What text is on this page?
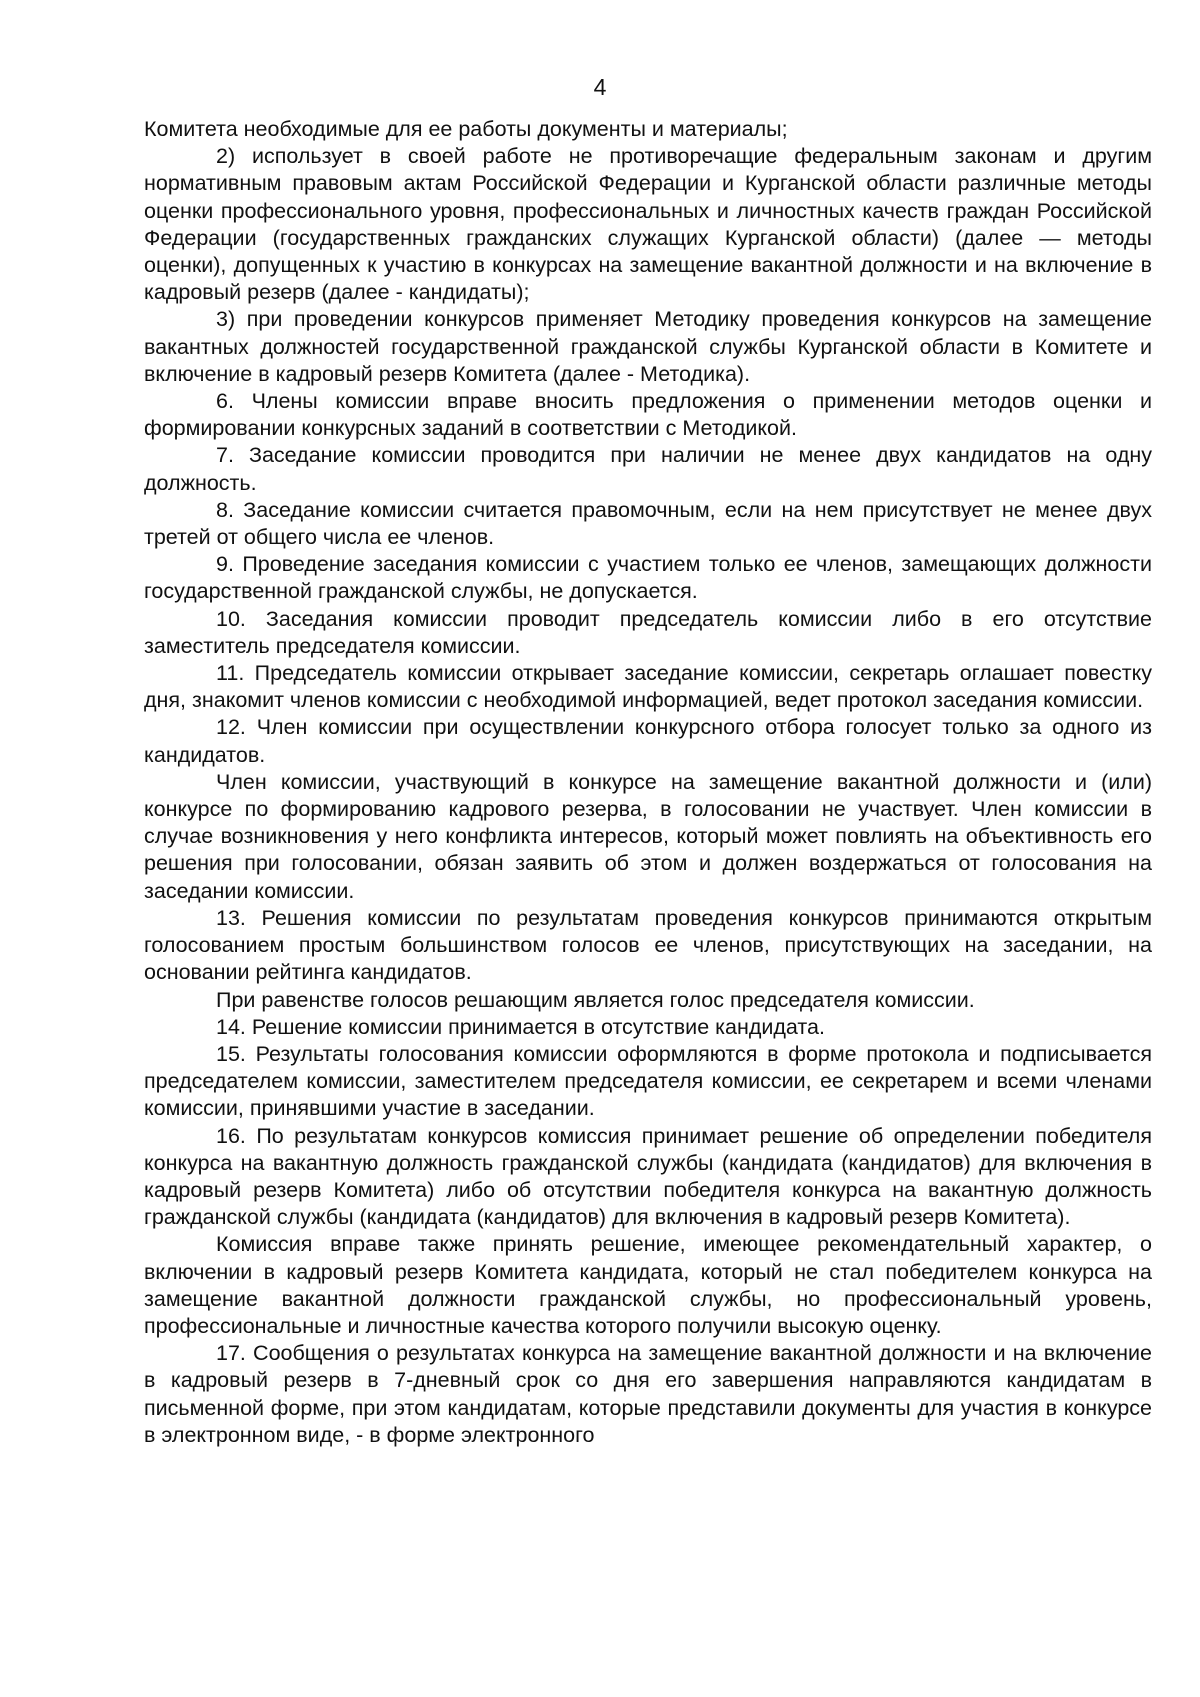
4

Комитета необходимые для ее работы документы и материалы;

2) использует в своей работе не противоречащие федеральным законам и другим нормативным правовым актам Российской Федерации и Курганской области различные методы оценки профессионального уровня, профессиональных и личностных качеств граждан Российской Федерации (государственных гражданских служащих Курганской области) (далее — методы оценки), допущенных к участию в конкурсах на замещение вакантной должности и на включение в кадровый резерв (далее - кандидаты);

3) при проведении конкурсов применяет Методику проведения конкурсов на замещение вакантных должностей государственной гражданской службы Курганской области в Комитете и включение в кадровый резерв Комитета (далее - Методика).

6. Члены комиссии вправе вносить предложения о применении методов оценки и формировании конкурсных заданий в соответствии с Методикой.

7. Заседание комиссии проводится при наличии не менее двух кандидатов на одну должность.

8. Заседание комиссии считается правомочным, если на нем присутствует не менее двух третей от общего числа ее членов.

9. Проведение заседания комиссии с участием только ее членов, замещающих должности государственной гражданской службы, не допускается.

10. Заседания комиссии проводит председатель комиссии либо в его отсутствие заместитель председателя комиссии.

11. Председатель комиссии открывает заседание комиссии, секретарь оглашает повестку дня, знакомит членов комиссии с необходимой информацией, ведет протокол заседания комиссии.

12. Член комиссии при осуществлении конкурсного отбора голосует только за одного из кандидатов.

Член комиссии, участвующий в конкурсе на замещение вакантной должности и (или) конкурсе по формированию кадрового резерва, в голосовании не участвует. Член комиссии в случае возникновения у него конфликта интересов, который может повлиять на объективность его решения при голосовании, обязан заявить об этом и должен воздержаться от голосования на заседании комиссии.

13. Решения комиссии по результатам проведения конкурсов принимаются открытым голосованием простым большинством голосов ее членов, присутствующих на заседании, на основании рейтинга кандидатов.

При равенстве голосов решающим является голос председателя комиссии.

14. Решение комиссии принимается в отсутствие кандидата.

15. Результаты голосования комиссии оформляются в форме протокола и подписывается председателем комиссии, заместителем председателя комиссии, ее секретарем и всеми членами комиссии, принявшими участие в заседании.

16. По результатам конкурсов комиссия принимает решение об определении победителя конкурса на вакантную должность гражданской службы (кандидата (кандидатов) для включения в кадровый резерв Комитета) либо об отсутствии победителя конкурса на вакантную должность гражданской службы (кандидата (кандидатов) для включения в кадровый резерв Комитета).

Комиссия вправе также принять решение, имеющее рекомендательный характер, о включении в кадровый резерв Комитета кандидата, который не стал победителем конкурса на замещение вакантной должности гражданской службы, но профессиональный уровень, профессиональные и личностные качества которого получили высокую оценку.

17. Сообщения о результатах конкурса на замещение вакантной должности и на включение в кадровый резерв в 7-дневный срок со дня его завершения направляются кандидатам в письменной форме, при этом кандидатам, которые представили документы для участия в конкурсе в электронном виде, - в форме электронного
